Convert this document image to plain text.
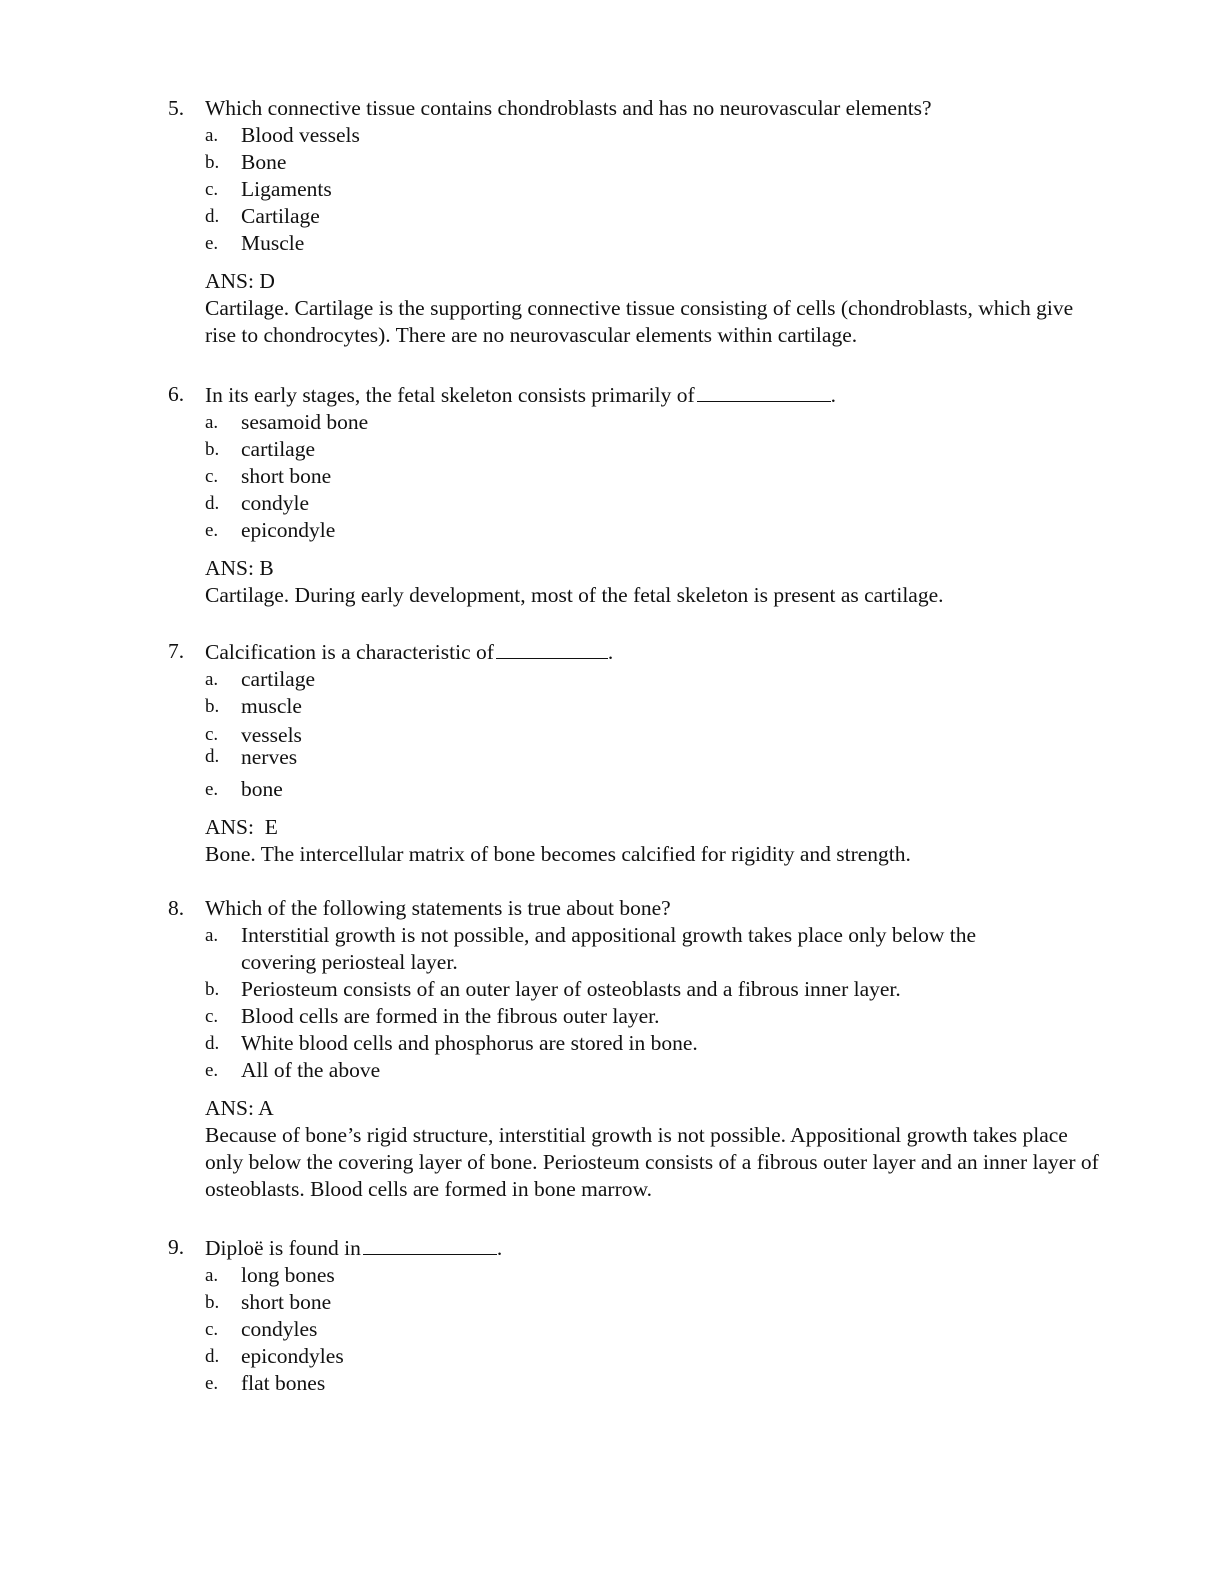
5. Which connective tissue contains chondroblasts and has no neurovascular elements?
a. Blood vessels
b. Bone
c. Ligaments
d. Cartilage
e. Muscle
ANS: D
Cartilage. Cartilage is the supporting connective tissue consisting of cells (chondroblasts, which give rise to chondrocytes). There are no neurovascular elements within cartilage.
6. In its early stages, the fetal skeleton consists primarily of	.
a. sesamoid bone
b. cartilage
c. short bone
d. condyle
e. epicondyle
ANS: B
Cartilage. During early development, most of the fetal skeleton is present as cartilage.
7. Calcification is a characteristic of	.
a. cartilage
b. muscle
c. vessels
d. nerves
e. bone
ANS:  E
Bone. The intercellular matrix of bone becomes calcified for rigidity and strength.
8. Which of the following statements is true about bone?
a. Interstitial growth is not possible, and appositional growth takes place only below the covering periosteal layer.
b. Periosteum consists of an outer layer of osteoblasts and a fibrous inner layer.
c. Blood cells are formed in the fibrous outer layer.
d. White blood cells and phosphorus are stored in bone.
e. All of the above
ANS: A
Because of bone’s rigid structure, interstitial growth is not possible. Appositional growth takes place only below the covering layer of bone. Periosteum consists of a fibrous outer layer and an inner layer of osteoblasts. Blood cells are formed in bone marrow.
9. Diploë is found in	.
a. long bones
b. short bone
c. condyles
d. epicondyles
e. flat bones
